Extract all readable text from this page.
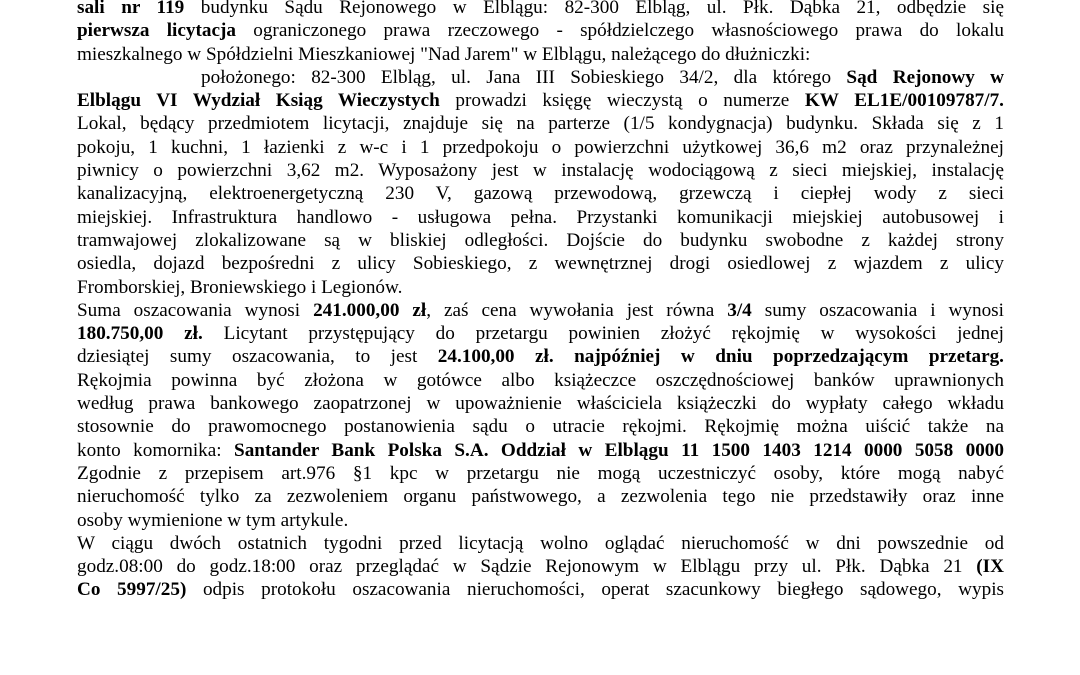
sali nr 119 budynku Sądu Rejonowego w Elblągu: 82-300 Elbląg, ul. Płk. Dąbka 21, odbędzie się
pierwsza licytacja ograniczonego prawa rzeczowego - spółdzielczego własnościowego prawa do lokalu
mieszkalnego w Spółdzielni Mieszkaniowej "Nad Jarem" w Elblągu, należącego do dłużniczki:
położonego: 82-300 Elbląg, ul. Jana III Sobieskiego 34/2, dla którego Sąd Rejonowy w
Elblągu VI Wydział Ksiąg Wieczystych prowadzi księgę wieczystą o numerze KW EL1E/00109787/7.
Lokal, będący przedmiotem licytacji, znajduje się na parterze (1/5 kondygnacja) budynku. Składa się z 1
pokoju, 1 kuchni, 1 łazienki z w-c i 1 przedpokoju o powierzchni użytkowej 36,6 m2 oraz przynależnej
piwnicy o powierzchni 3,62 m2. Wyposażony jest w instalację wodociągową z sieci miejskiej, instalację
kanalizacyjną, elektroenergetyczną 230 V, gazową przewodową, grzewczą i ciepłej wody z sieci
miejskiej. Infrastruktura handlowo - usługowa pełna. Przystanki komunikacji miejskiej autobusowej i
tramwajowej zlokalizowane są w bliskiej odległości. Dojście do budynku swobodne z każdej strony
osiedla, dojazd bezpośredni z ulicy Sobieskiego, z wewnętrznej drogi osiedlowej z wjazdem z ulicy
Fromborskiej, Broniewskiego i Legionów.
Suma oszacowania wynosi 241.000,00 zł, zaś cena wywołania jest równa 3/4 sumy oszacowania i wynosi
180.750,00 zł. Licytant przystępujący do przetargu powinien złożyć rękojmię w wysokości jednej
dziesiątej sumy oszacowania, to jest 24.100,00 zł. najpóźniej w dniu poprzedzającym przetarg.
Rękojmia powinna być złożona w gotówce albo książeczce oszczędnościowej banków uprawnionych
według prawa bankowego zaopatrzonej w upoważnienie właściciela książeczki do wypłaty całego wkładu
stosownie do prawomocnego postanowienia sądu o utracie rękojmi. Rękojmię można uiścić także na
konto komornika: Santander Bank Polska S.A. Oddział w Elblągu 11 1500 1403 1214 0000 5058 0000
Zgodnie z przepisem art.976 §1 kpc w przetargu nie mogą uczestniczyć osoby, które mogą nabyć
nieruchomość tylko za zezwoleniem organu państwowego, a zezwolenia tego nie przedstawiły oraz inne
osoby wymienione w tym artykule.
W ciągu dwóch ostatnich tygodni przed licytacją wolno oglądać nieruchomość w dni powszednie od
godz.08:00 do godz.18:00 oraz przeglądać w Sądzie Rejonowym w Elblągu przy ul. Płk. Dąbka 21 (IX
Co 5997/25) odpis protokołu oszacowania nieruchomości, operat szacunkowy biegłego sądowego, wypis
